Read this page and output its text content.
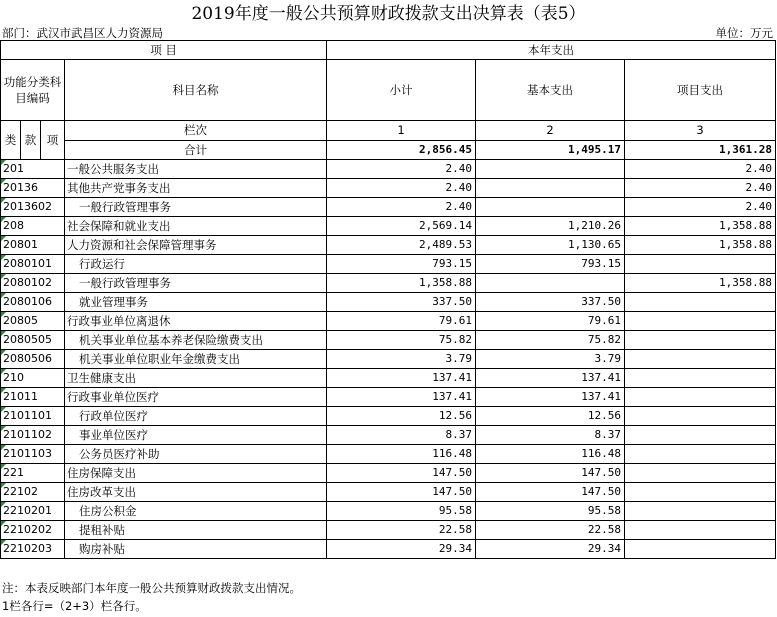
2019年度一般公共预算财政拨款支出决算表（表5）
部门：武汉市武昌区人力资源局	单位：万元
项 目				本年支出		
功能分类科目编码			科目名称	小计	基本支出	项目支出
类	款	项	栏次	1	2	3
			合计	2,856.45	1,495.17	1,361.28
201			一般公共服务支出	2.40		2.40
20136			其他共产党事务支出	2.40		2.40
2013602			一般行政管理事务	2.40		2.40
208			社会保障和就业支出	2,569.14	1,210.26	1,358.88
20801			人力资源和社会保障管理事务	2,489.53	1,130.65	1,358.88
2080101			行政运行	793.15	793.15	
2080102			一般行政管理事务	1,358.88		1,358.88
2080106			就业管理事务	337.50	337.50	
20805			行政事业单位离退休	79.61	79.61	
2080505			机关事业单位基本养老保险缴费支出	75.82	75.82	
2080506			机关事业单位职业年金缴费支出	3.79	3.79	
210			卫生健康支出	137.41	137.41	
21011			行政事业单位医疗	137.41	137.41	
2101101			行政单位医疗	12.56	12.56	
2101102			事业单位医疗	8.37	8.37	
2101103			公务员医疗补助	116.48	116.48	
221			住房保障支出	147.50	147.50	
22102			住房改革支出	147.50	147.50	
2210201			住房公积金	95.58	95.58	
2210202			提租补贴	22.58	22.58	
2210203			购房补贴	29.34	29.34	
注：本表反映部门本年度一般公共预算财政拨款支出情况。
1栏各行=（2+3）栏各行。
